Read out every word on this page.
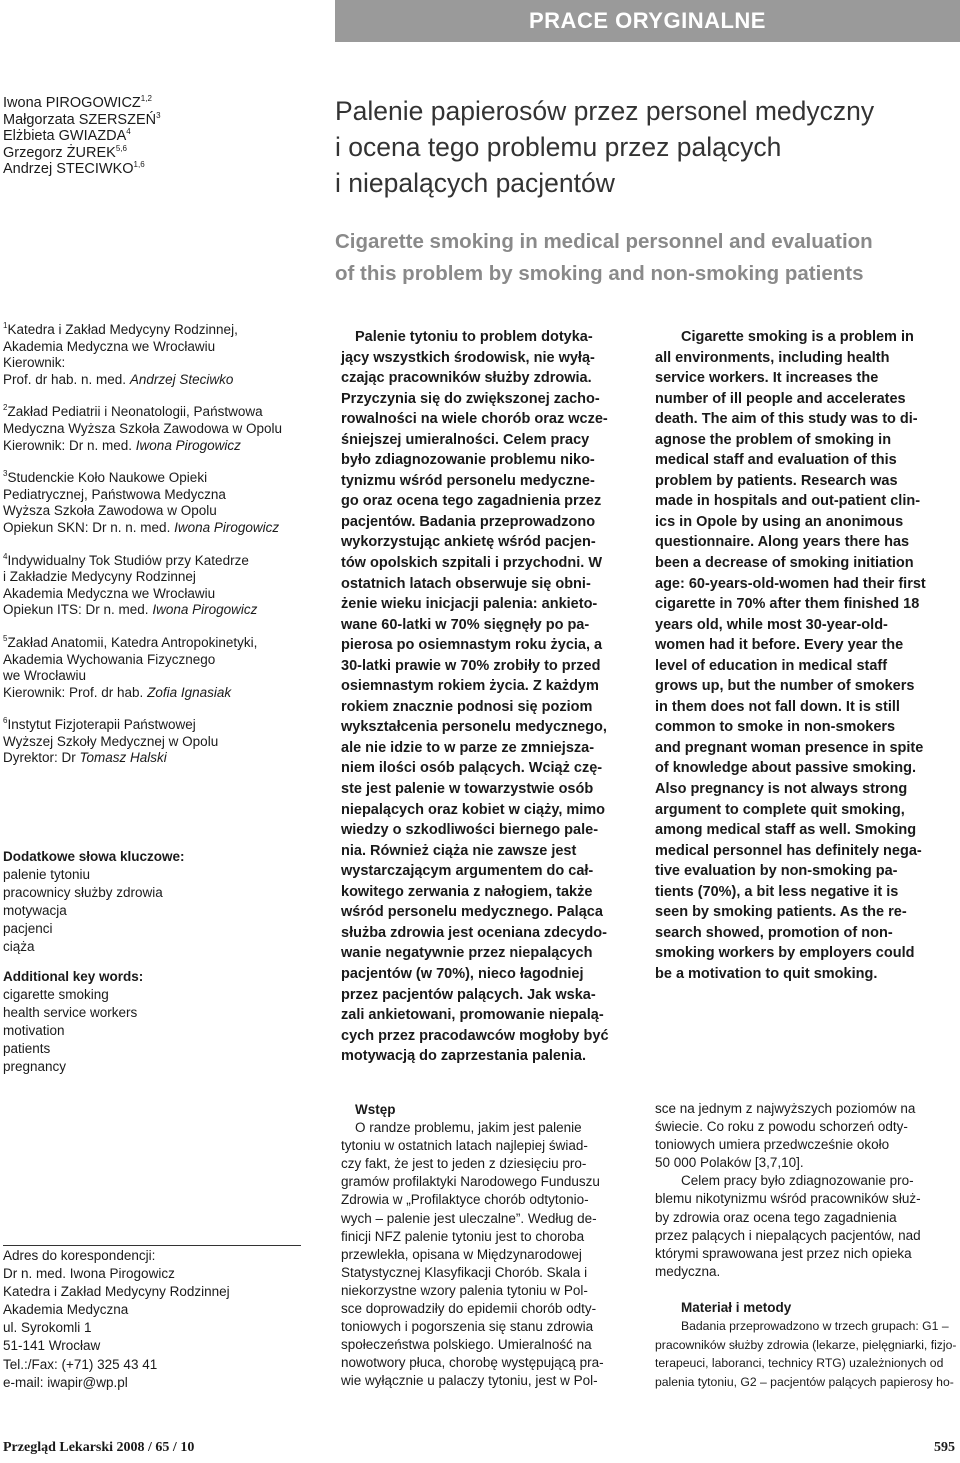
PRACE ORYGINALNE
Iwona PIROGOWICZ$^{1,2}$
Małgorzata SZERSZEŃ$^3$
Elżbieta GWIAZDA$^4$
Grzegorz ŻUREK$^{5,6}$
Andrzej STECIWKO$^{1,6}$
Palenie papierosów przez personel medyczny
i ocena tego problemu przez palących
i niepalących pacjentów
Cigarette smoking in medical personnel and evaluation
of this problem by smoking and non-smoking patients
$^1$Katedra i Zakład Medycyny Rodzinnej,
Akademia Medyczna we Wrocławiu
Kierownik:
Prof. dr hab. n. med. Andrzej Steciwko
$^2$Zakład Pediatrii i Neonatologii, Państwowa
Medyczna Wyższa Szkoła Zawodowa w Opolu
Kierownik: Dr n. med. Iwona Pirogowicz
$^3$Studenckie Koło Naukowe Opieki
Pediatrycznej, Państwowa Medyczna
Wyższa Szkoła Zawodowa w Opolu
Opiekun SKN: Dr n. n. med. Iwona Pirogowicz
$^4$Indywidualny Tok Studiów przy Katedrze
i Zakładzie Medycyny Rodzinnej
Akademia Medyczna we Wrocławiu
Opiekun ITS: Dr n. med. Iwona Pirogowicz
$^5$Zakład Anatomii, Katedra Antropokinetyki,
Akademia Wychowania Fizycznego
we Wrocławiu
Kierownik: Prof. dr hab. Zofia Ignasiak
$^6$Instytut Fizjoterapii Państwowej
Wyższej Szkoły Medycznej w Opolu
Dyrektor: Dr Tomasz Halski
Dodatkowe słowa kluczowe:
palenie tytoniu
pracownicy służby zdrowia
motywacja
pacjenci
ciąża
Additional key words:
cigarette smoking
health service workers
motivation
patients
pregnancy
Palenie tytoniu to problem dotyka-
jący wszystkich środowisk, nie wyłą-
czając pracowników służby zdrowia.
Przyczynia się do zwiększonej zacho-
rowalności na wiele chorób oraz wcze-
śniejszej umieralności. Celem pracy
było zdiagnozowanie problemu niko-
tynizmu wśród personelu medyczne-
go oraz ocena tego zagadnienia przez
pacjentów. Badania przeprowadzono
wykorzystując ankietę wśród pacjen-
tów opolskich szpitali i przychodni. W
ostatnich latach obserwuje się obni-
żenie wieku inicjacji palenia: ankieto-
wane 60-latki w 70% sięgnęły po pa-
pierosa po osiemnastym roku życia, a
30-latki prawie w 70% zrobiły to przed
osiemnastym rokiem życia. Z każdym
rokiem znacznie podnosi się poziom
wykształcenia personelu medycznego,
ale nie idzie to w parze ze zmniejsza-
niem ilości osób palących. Wciąż czę-
ste jest palenie w towarzystwie osób
niepalących oraz kobiet w ciąży, mimo
wiedzy o szkodliwości biernego pale-
nia. Również ciąża nie zawsze jest
wystarczającym argumentem do cał-
kowitego zerwania z nałogiem, także
wśród personelu medycznego. Paląca
służba zdrowia jest oceniana zdecydo-
wanie negatywnie przez niepalących
pacjentów (w 70%), nieco łagodniej
przez pacjentów palących. Jak wska-
zali ankietowani, promowanie niepalą-
cych przez pracodawców mogłoby być
motywacją do zaprzestania palenia.
Cigarette smoking is a problem in
all environments, including health
service workers. It increases the
number of ill people and accelerates
death. The aim of this study was to di-
agnose the problem of smoking in
medical staff and evaluation of this
problem by patients. Research was
made in hospitals and out-patient clin-
ics in Opole by using an anonimous
questionnaire. Along years there has
been a decrease of smoking initiation
age: 60-years-old-women had their first
cigarette in 70% after them finished 18
years old, while most 30-year-old-
women had it before. Every year the
level of education in medical staff
grows up, but the number of smokers
in them does not fall down. It is still
common to smoke in non-smokers
and pregnant woman presence in spite
of knowledge about passive smoking.
Also pregnancy is not always strong
argument to complete quit smoking,
among medical staff as well. Smoking
medical personnel has definitely nega-
tive evaluation by non-smoking pa-
tients (70%), a bit less negative it is
seen by smoking patients. As the re-
search showed, promotion of non-
smoking workers by employers could
be a motivation to quit smoking.
Adres do korespondencji:
Dr n. med. Iwona Pirogowicz
Katedra i Zakład Medycyny Rodzinnej
Akademia Medyczna
ul. Syrokomli 1
51-141 Wrocław
Tel.:/Fax: (+71) 325 43 41
e-mail: iwapir@wp.pl
Wstęp
O randze problemu, jakim jest palenie
tytoniu w ostatnich latach najlepiej świad-
czy fakt, że jest to jeden z dziesięciu pro-
gramów profilaktyki Narodowego Funduszu
Zdrowia w „Profilaktyce chorób odtytonio-
wych – palenie jest uleczalne”. Według de-
finicji NFZ palenie tytoniu jest to choroba
przewlekła, opisana w Międzynarodowej
Statystycznej Klasyfikacji Chorób. Skala i
niekorzystne wzory palenia tytoniu w Pol-
sce doprowadziły do epidemii chorób odty-
toniowych i pogorszenia się stanu zdrowia
społeczeństwa polskiego. Umieralność na
nowotwory płuca, chorobę występującą pra-
wie wyłącznie u palaczy tytoniu, jest w Pol-
sce na jednym z najwyższych poziomów na
świecie. Co roku z powodu schorzeń odty-
toniowych umiera przedwcześnie około
50 000 Polaków [3,7,10].
Celem pracy było zdiagnozowanie pro-
blemu nikotynizmu wśród pracowników służ-
by zdrowia oraz ocena tego zagadnienia
przez palących i niepalących pacjentów, nad
którymi sprawowana jest przez nich opieka
medyczna.
Materiał i metody
Badania przeprowadzono w trzech grupach: G1 –
pracowników służby zdrowia (lekarze, pielęgniarki, fizjo-
terapeuci, laboranci, technicy RTG) uzależnionych od
palenia tytoniu, G2 – pacjentów palących papierosy ho-
Przegląd Lekarski 2008 / 65 / 10	595
